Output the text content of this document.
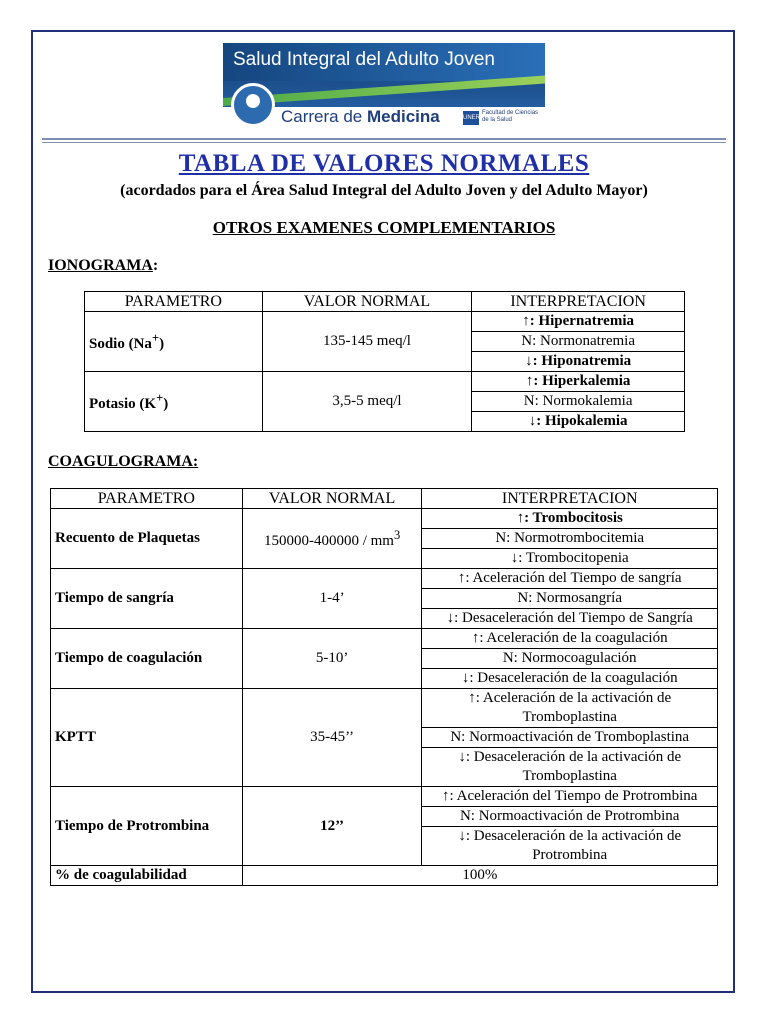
Salud Integral del Adulto Joven
Carrera de Medicina	UNER
Facultad de Ciencias de la Salud
TABLA DE VALORES NORMALES
(acordados para el Área Salud Integral del Adulto Joven y del Adulto Mayor)
OTROS EXAMENES COMPLEMENTARIOS
IONOGRAMA:
PARAMETRO	VALOR NORMAL	INTERPRETACION
Sodio (Na+)	135-145 meq/l	↑: Hipernatremia
		N: Normonatremia
		↓: Hiponatremia
Potasio (K+)	3,5-5 meq/l	↑: Hiperkalemia
		N: Normokalemia
		↓: Hipokalemia
COAGULOGRAMA:
PARAMETRO	VALOR NORMAL	INTERPRETACION
Recuento de Plaquetas	$150000-400000 / mm^3$	↑: Trombocitosis
		N: Normotrombocitemia
		↓: Trombocitopenia
Tiempo de sangría	1-4’	↑: Aceleración del Tiempo de sangría
		N: Normosangría
		↓: Desaceleración del Tiempo de Sangría
Tiempo de coagulación	5-10’	↑: Aceleración de la coagulación
		N: Normocoagulación
		↓: Desaceleración de la coagulación
KPTT	35-45’’	↑: Aceleración de la activación de Tromboplastina
		N: Normoactivación de Tromboplastina
		↓: Desaceleración de la activación de Tromboplastina
Tiempo de Protrombina	12’’	↑: Aceleración del Tiempo de Protrombina
		N: Normoactivación de Protrombina
		↓: Desaceleración de la activación de Protrombina
% de coagulabilidad	100%	
